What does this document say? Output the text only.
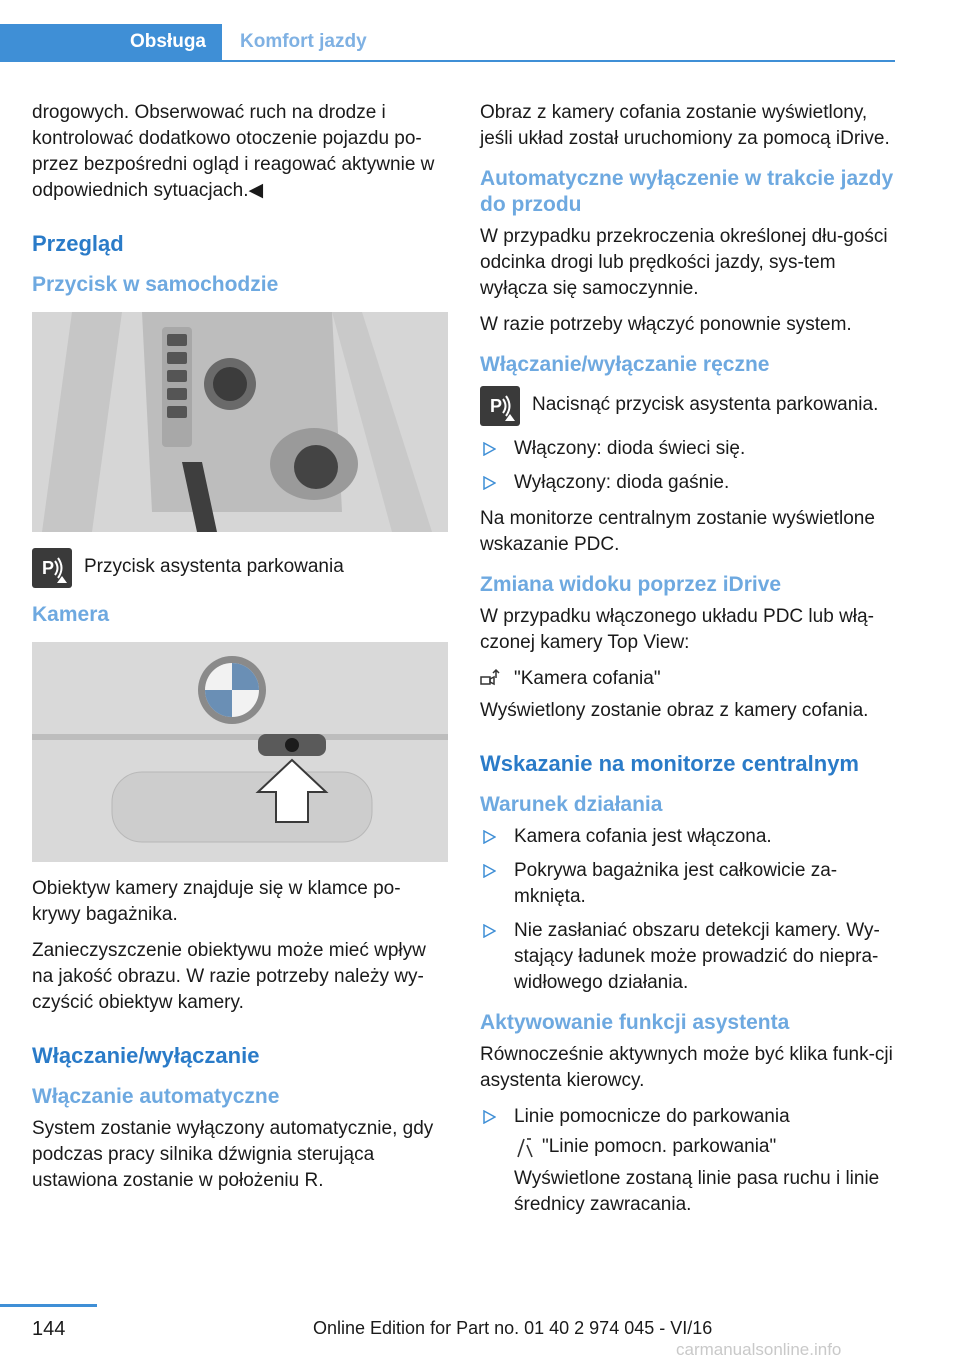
Obsługa	Komfort jazdy

drogowych. Obserwować ruch na drodze i kontrolować dodatkowo otoczenie pojazdu po‐przez bezpośredni ogląd i reagować aktywnie w odpowiednich sytuacjach.◀

Przegląd
Przycisk w samochodzie
P Przycisk asystenta parkowania
Kamera

Obiektyw kamery znajduje się w klamce po‐krywy bagażnika.

Zanieczyszczenie obiektywu może mieć wpływ na jakość obrazu. W razie potrzeby należy wy‐czyścić obiektyw kamery.

Włączanie/wyłączanie
Włączanie automatyczne

System zostanie wyłączony automatycznie, gdy podczas pracy silnika dźwignia sterująca ustawiona zostanie w położeniu R.

Obraz z kamery cofania zostanie wyświetlony, jeśli układ został uruchomiony za pomocą iDrive.

Automatyczne wyłączenie w trakcie jazdy do przodu

W przypadku przekroczenia określonej dłu‐gości odcinka drogi lub prędkości jazdy, sys‐tem wyłącza się samoczynnie.

W razie potrzeby włączyć ponownie system.

Włączanie/wyłączanie ręczne
P Nacisnąć przycisk asystenta parkowania.
Włączony: dioda świeci się.
Wyłączony: dioda gaśnie.

Na monitorze centralnym zostanie wyświetlone wskazanie PDC.

Zmiana widoku poprzez iDrive

W przypadku włączonego układu PDC lub włą‐czonej kamery Top View:

"Kamera cofania"

Wyświetlony zostanie obraz z kamery cofania.

Wskazanie na monitorze centralnym
Warunek działania
Kamera cofania jest włączona.
Pokrywa bagażnika jest całkowicie za‐mknięta.
Nie zasłaniać obszaru detekcji kamery. Wy‐stający ładunek może prowadzić do niepra‐widłowego działania.
Aktywowanie funkcji asystenta

Równocześnie aktywnych może być klika funk‐cji asystenta kierowcy.

Linie pomocnicze do parkowania
"Linie pomocn. parkowania"
Wyświetlone zostaną linie pasa ruchu i linie średnicy zawracania.
144	Online Edition for Part no. 01 40 2 974 045 - VI/16
carmanualsonline.info
